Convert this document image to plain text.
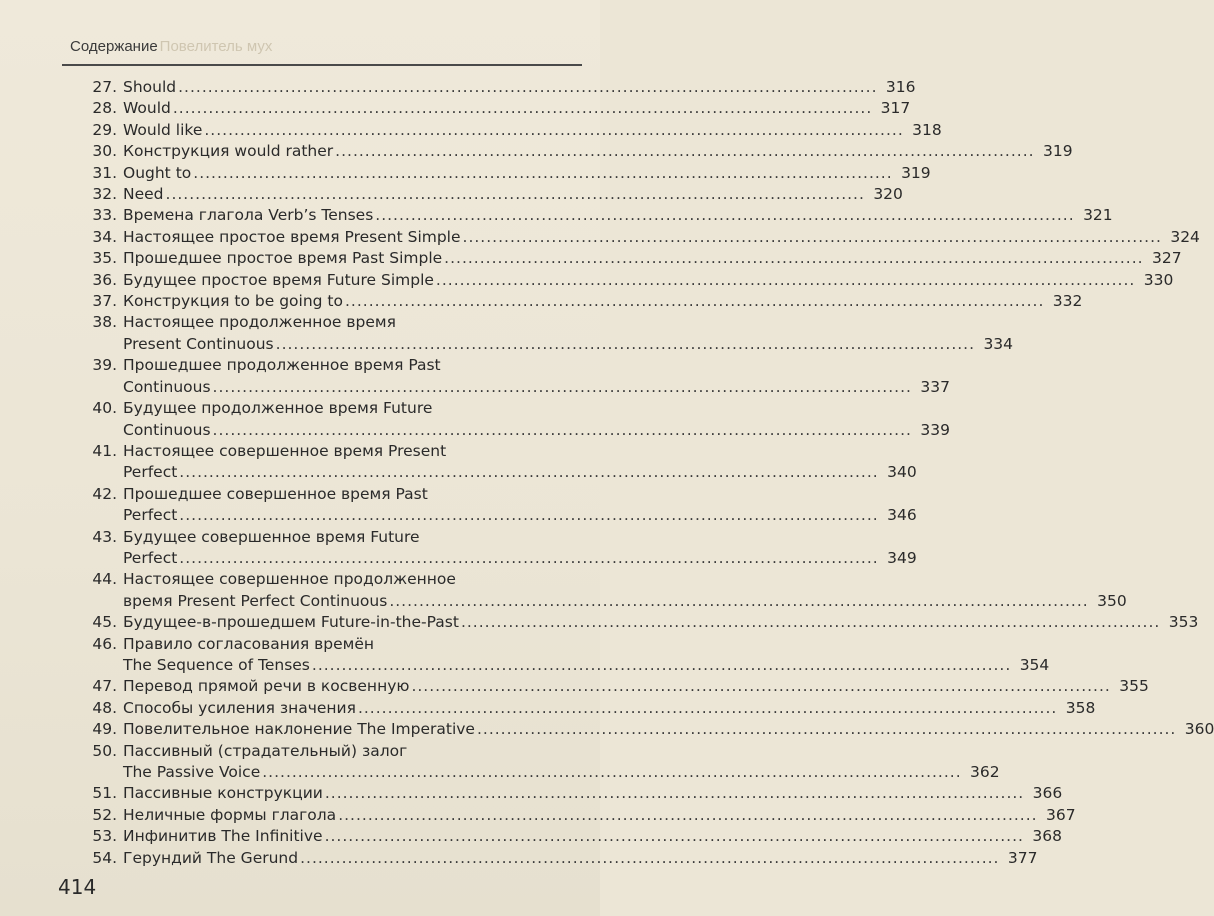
Содержание Повелитель мух
27. Should .....	316
28. Would .....	317
29. Would like .....	318
30. Конструкция would rather .....	319
31. Ought to .....	319
32. Need .....	320
33. Времена глагола Verb’s Tenses .....	321
34. Настоящее простое время Present Simple .....	324
35. Прошедшее простое время Past Simple .....	327
36. Будущее простое время Future Simple .....	330
37. Конструкция to be going to .....	332
38. Настоящее продолженное время
Present Continuous .....	334
39. Прошедшее продолженное время Past
Continuous .....	337
40. Будущее продолженное время Future
Continuous .....	339
41. Настоящее совершенное время Present
Perfect .....	340
42. Прошедшее совершенное время Past
Perfect .....	346
43. Будущее совершенное время Future
Perfect .....	349
44. Настоящее совершенное продолженное
время Present Perfect Continuous .....	350
45. Будущее-в-прошедшем Future-in-the-Past .....	353
46. Правило согласования времён
The Sequence of Tenses .....	354
47. Перевод прямой речи в косвенную .....	355
48. Способы усиления значения .....	358
49. Повелительное наклонение The Imperative .....	360
50. Пассивный (страдательный) залог
The Passive Voice .....	362
51. Пассивные конструкции .....	366
52. Неличные формы глагола .....	367
53. Инфинитив The Infinitive .....	368
54. Герундий The Gerund .....	377
414
